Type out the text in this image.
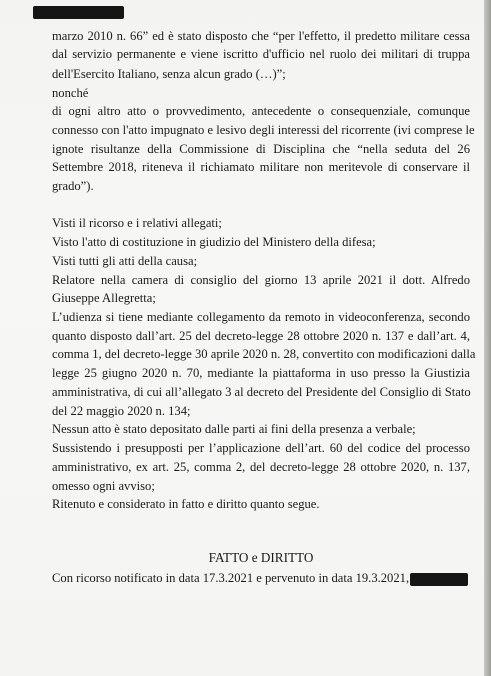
marzo 2010 n. 66” ed è stato disposto che “per l'effetto, il predetto militare cessa
dal servizio permanente e viene iscritto d'ufficio nel ruolo dei militari di truppa
dell'Esercito Italiano, senza alcun grado (…)”;
nonché
di ogni altro atto o provvedimento, antecedente o consequenziale, comunque
connesso con l'atto impugnato e lesivo degli interessi del ricorrente (ivi comprese le
ignote risultanze della Commissione di Disciplina che “nella seduta del 26
Settembre 2018, riteneva il richiamato militare non meritevole di conservare il
grado”).
Visti il ricorso e i relativi allegati;
Visto l'atto di costituzione in giudizio del Ministero della difesa;
Visti tutti gli atti della causa;
Relatore nella camera di consiglio del giorno 13 aprile 2021 il dott. Alfredo
Giuseppe Allegretta;
L’udienza si tiene mediante collegamento da remoto in videoconferenza, secondo
quanto disposto dall’art. 25 del decreto-legge 28 ottobre 2020 n. 137 e dall’art. 4,
comma 1, del decreto-legge 30 aprile 2020 n. 28, convertito con modificazioni dalla
legge 25 giugno 2020 n. 70, mediante la piattaforma in uso presso la Giustizia
amministrativa, di cui all’allegato 3 al decreto del Presidente del Consiglio di Stato
del 22 maggio 2020 n. 134;
Nessun atto è stato depositato dalle parti ai fini della presenza a verbale;
Sussistendo i presupposti per l’applicazione dell’art. 60 del codice del processo
amministrativo, ex art. 25, comma 2, del decreto-legge 28 ottobre 2020, n. 137,
omesso ogni avviso;
Ritenuto e considerato in fatto e diritto quanto segue.
FATTO e DIRITTO
Con ricorso notificato in data 17.3.2021 e pervenuto in data 19.3.2021,
